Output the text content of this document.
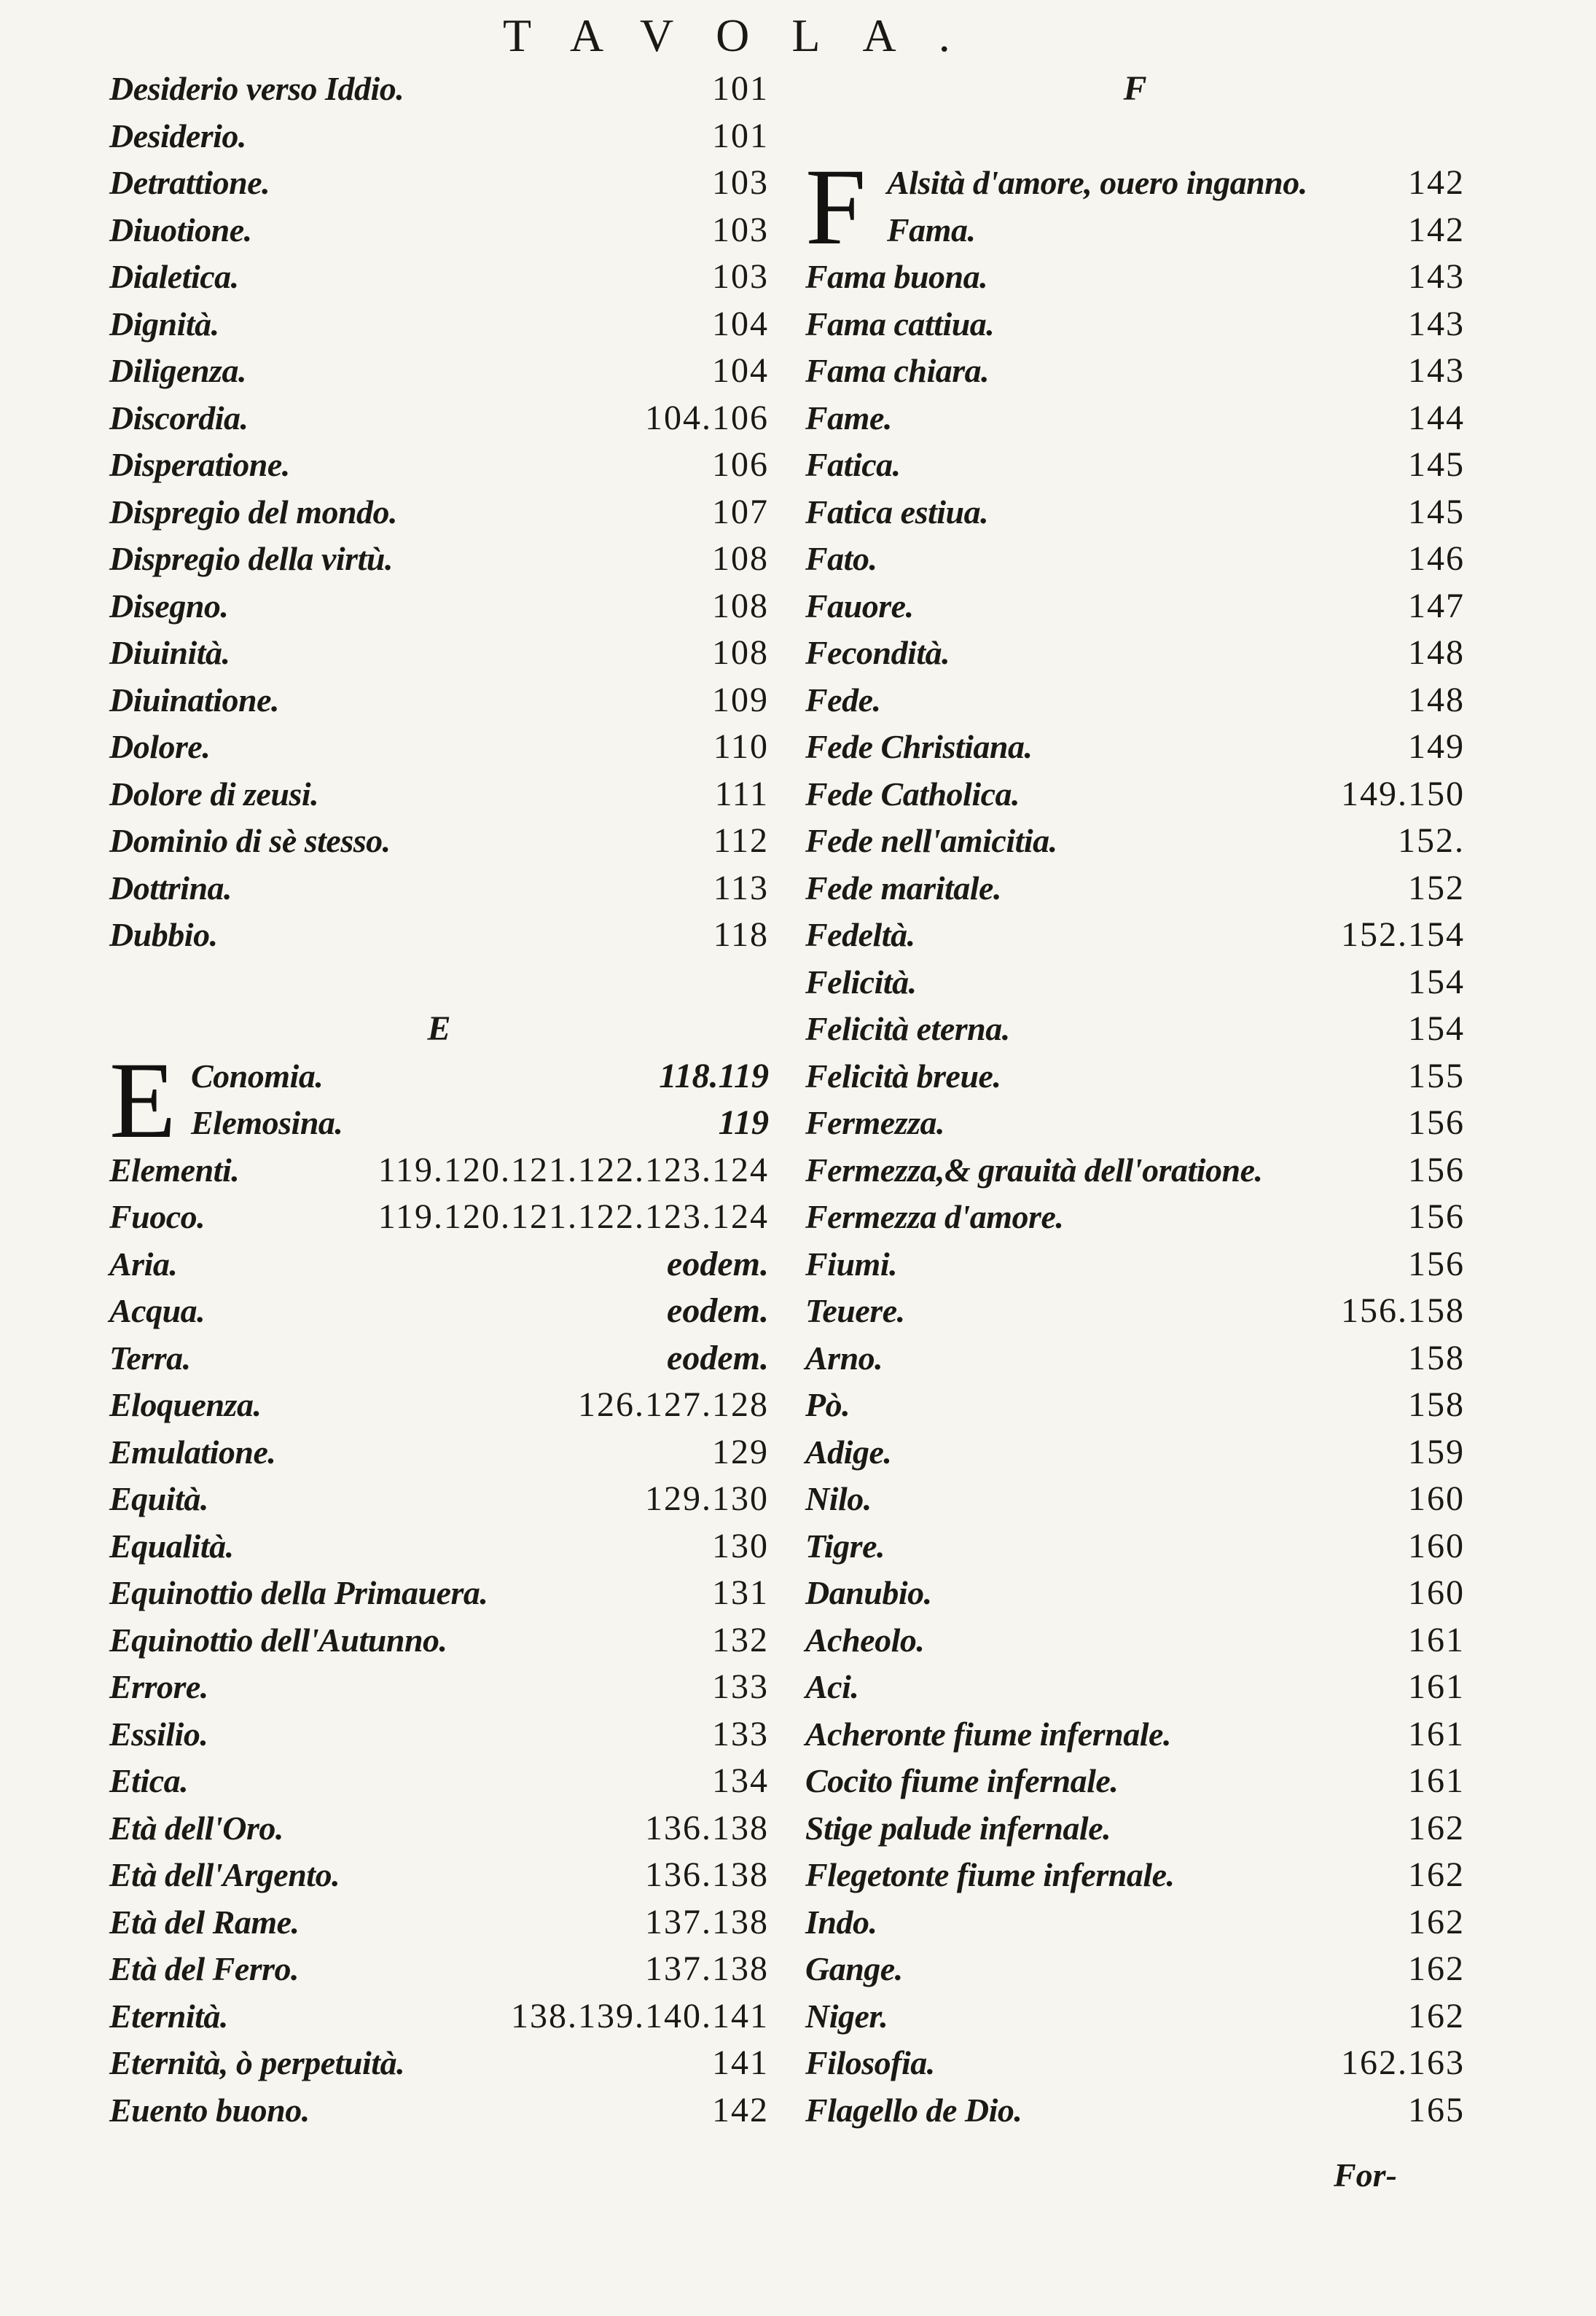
TAVOLA.
Desiderio verso Iddio.	101
Desiderio.	101
Detrattione.	103
Diuotione.	103
Dialetica.	103
Dignità.	104
Diligenza.	104
Discordia.	104.106
Disperatione.	106
Dispregio del mondo.	107
Dispregio della virtù.	108
Disegno.	108
Diuinità.	108
Diuinatione.	109
Dolore.	110
Dolore di zeusi.	111
Dominio di sè stesso.	112
Dottrina.	113
Dubbio.	118
E
E Conomia.	118.119
Elemosina.	119
Elementi.	119.120.121.122.123.124
Fuoco.	119.120.121.122.123.124
Aria.	eodem.
Acqua.	eodem.
Terra.	eodem.
Eloquenza.	126.127.128
Emulatione.	129
Equità.	129.130
Equalità.	130
Equinottio della Primauera.	131
Equinottio dell'Autunno.	132
Errore.	133
Essilio.	133
Etica.	134
Età dell'Oro.	136.138
Età dell'Argento.	136.138
Età del Rame.	137.138
Età del Ferro.	137.138
Eternità.	138.139.140.141
Eternità, ò perpetuità.	141
Euento buono.	142
F
F Alsità d'amore, ouero inganno.	142
Fama.	142
Fama buona.	143
Fama cattiua.	143
Fama chiara.	143
Fame.	144
Fatica.	145
Fatica estiua.	145
Fato.	146
Fauore.	147
Fecondità.	148
Fede.	148
Fede Christiana.	149
Fede Catholica.	149.150
Fede nell'amicitia.	152.
Fede maritale.	152
Fedeltà.	152.154
Felicità.	154
Felicità eterna.	154
Felicità breue.	155
Fermezza.	156
Fermezza,& grauità dell'oratione.	156
Fermezza d'amore.	156
Fiumi.	156
Teuere.	156.158
Arno.	158
Pò.	158
Adige.	159
Nilo.	160
Tigre.	160
Danubio.	160
Acheolo.	161
Aci.	161
Acheronte fiume infernale.	161
Cocito fiume infernale.	161
Stige palude infernale.	162
Flegetonte fiume infernale.	162
Indo.	162
Gange.	162
Niger.	162
Filosofia.	162.163
Flagello de Dio.	165
For-
